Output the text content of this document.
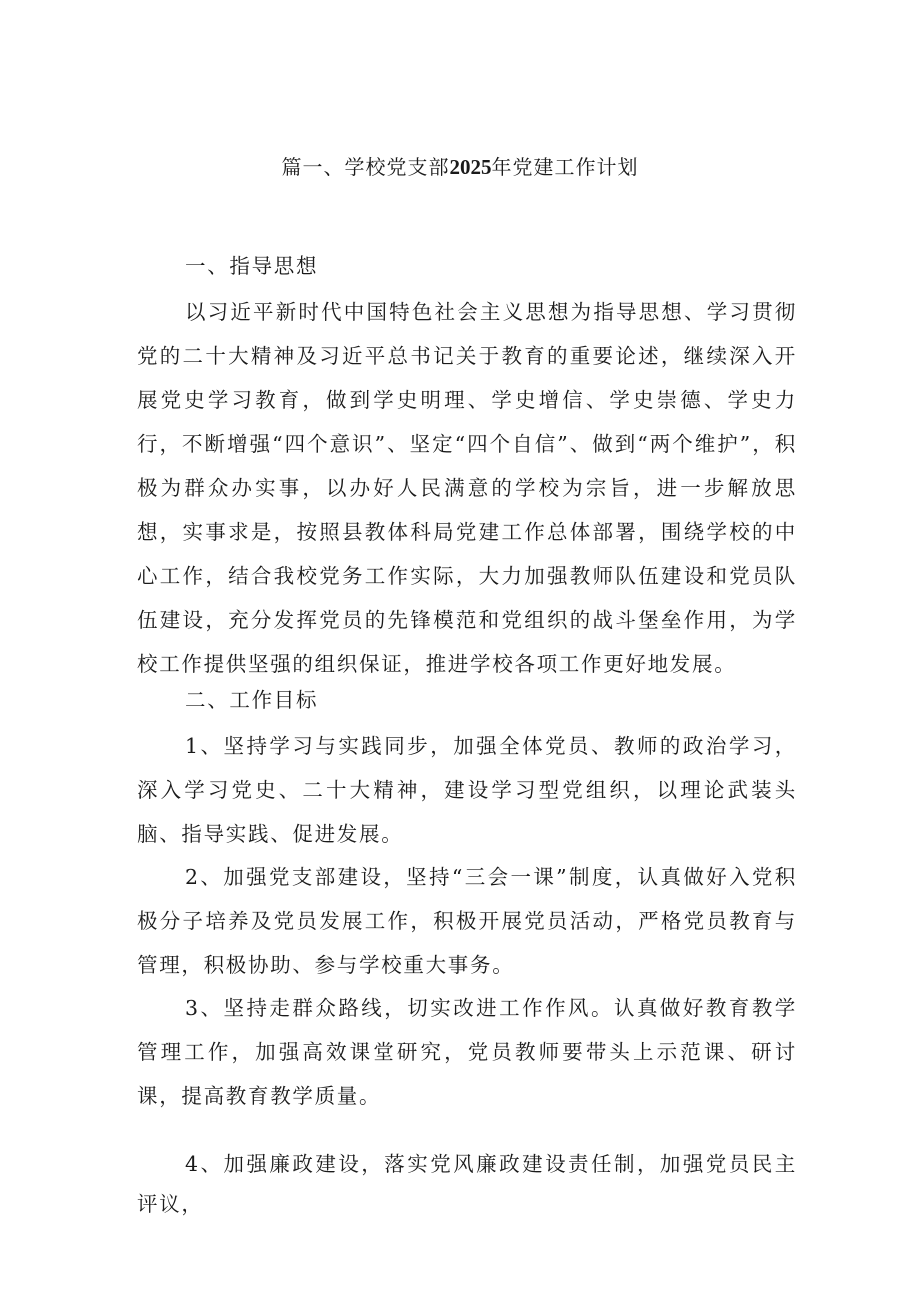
篇一、学校党支部2025年党建工作计划
一、指导思想

以习近平新时代中国特色社会主义思想为指导思想、学习贯彻党的二十大精神及习近平总书记关于教育的重要论述，继续深入开展党史学习教育，做到学史明理、学史增信、学史崇德、学史力行，不断增强“四个意识”、坚定“四个自信”、做到“两个维护”，积极为群众办实事，以办好人民满意的学校为宗旨，进一步解放思想，实事求是，按照县教体科局党建工作总体部署，围绕学校的中心工作，结合我校党务工作实际，大力加强教师队伍建设和党员队伍建设，充分发挥党员的先锋模范和党组织的战斗堡垒作用，为学校工作提供坚强的组织保证，推进学校各项工作更好地发展。

二、工作目标

1、坚持学习与实践同步，加强全体党员、教师的政治学习，深入学习党史、二十大精神，建设学习型党组织，以理论武装头脑、指导实践、促进发展。

2、加强党支部建设，坚持“三会一课”制度，认真做好入党积极分子培养及党员发展工作，积极开展党员活动，严格党员教育与管理，积极协助、参与学校重大事务。

3、坚持走群众路线，切实改进工作作风。认真做好教育教学管理工作，加强高效课堂研究，党员教师要带头上示范课、研讨课，提高教育教学质量。

4、加强廉政建设，落实党风廉政建设责任制，加强党员民主评议，
